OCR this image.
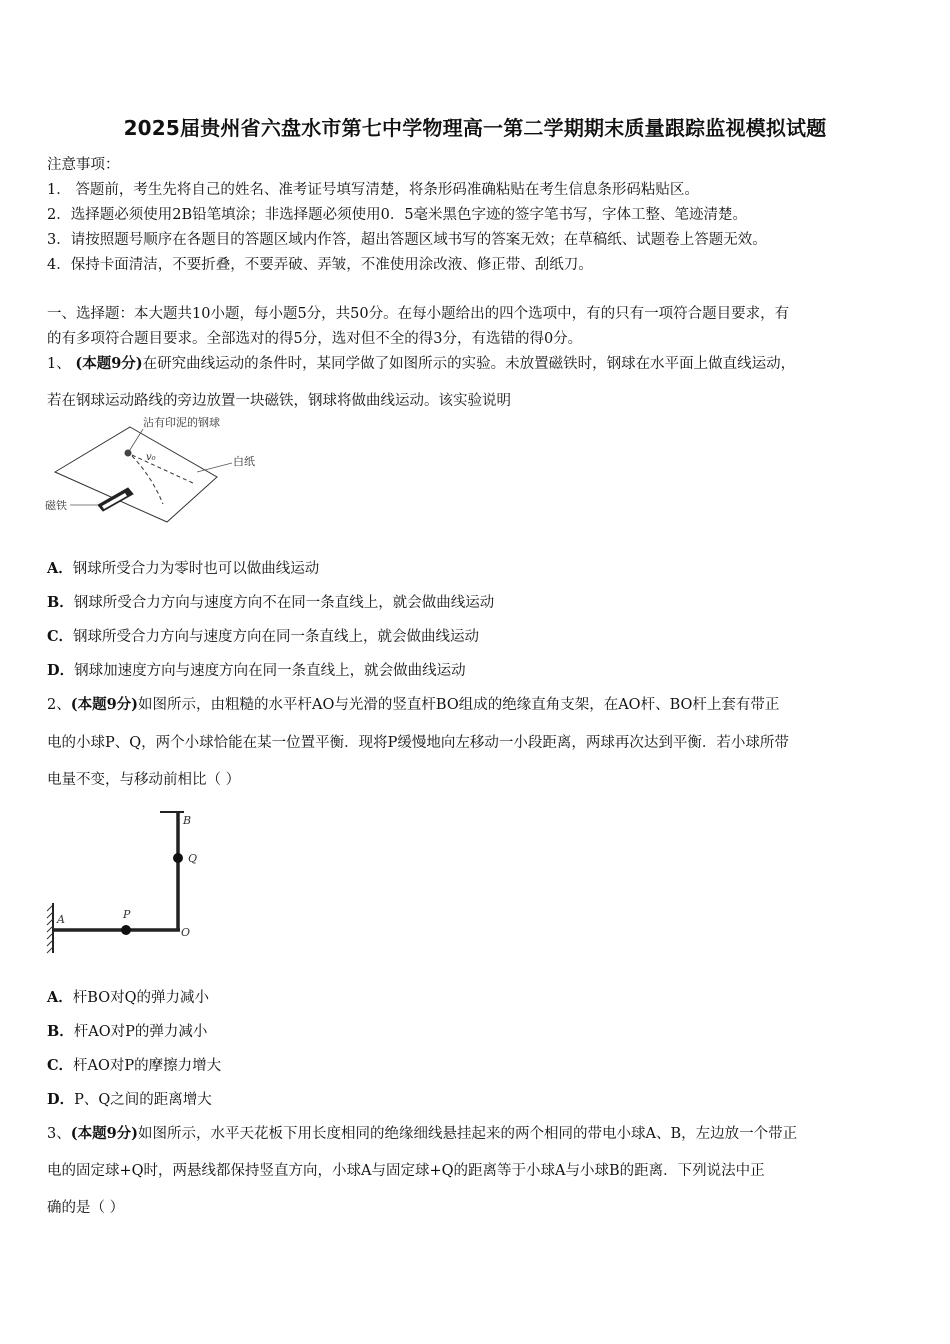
2025届贵州省六盘水市第七中学物理高一第二学期期末质量跟踪监视模拟试题
注意事项：
1． 答题前，考生先将自己的姓名、准考证号填写清楚，将条形码准确粘贴在考生信息条形码粘贴区。
2．选择题必须使用2B铅笔填涂；非选择题必须使用0．5毫米黑色字迹的签字笔书写，字体工整、笔迹清楚。
3．请按照题号顺序在各题目的答题区域内作答，超出答题区域书写的答案无效；在草稿纸、试题卷上答题无效。
4．保持卡面清洁，不要折叠，不要弄破、弄皱，不准使用涂改液、修正带、刮纸刀。
一、选择题：本大题共10小题，每小题5分，共50分。在每小题给出的四个选项中，有的只有一项符合题目要求，有
的有多项符合题目要求。全部选对的得5分，选对但不全的得3分，有选错的得0分。
1、 (本题9分)在研究曲线运动的条件时，某同学做了如图所示的实验。未放置磁铁时，钢球在水平面上做直线运动，
若在钢球运动路线的旁边放置一块磁铁，钢球将做曲线运动。该实验说明
沾有印泥的钢球
v₀	白纸
磁铁
A．钢球所受合力为零时也可以做曲线运动
B．钢球所受合力方向与速度方向不在同一条直线上，就会做曲线运动
C．钢球所受合力方向与速度方向在同一条直线上，就会做曲线运动
D．钢球加速度方向与速度方向在同一条直线上，就会做曲线运动
2、(本题9分)如图所示，由粗糙的水平杆AO与光滑的竖直杆BO组成的绝缘直角支架，在AO杆、BO杆上套有带正
电的小球P、Q，两个小球恰能在某一位置平衡．现将P缓慢地向左移动一小段距离，两球再次达到平衡．若小球所带
电量不变，与移动前相比（ ）
B
Q
A	P
O
A．杆BO对Q的弹力减小
B．杆AO对P的弹力减小
C．杆AO对P的摩擦力增大
D．P、Q之间的距离增大
3、(本题9分)如图所示，水平天花板下用长度相同的绝缘细线悬挂起来的两个相同的带电小球A、B，左边放一个带正
电的固定球+Q时，两悬线都保持竖直方向，小球A与固定球+Q的距离等于小球A与小球B的距离．下列说法中正
确的是（ ）
